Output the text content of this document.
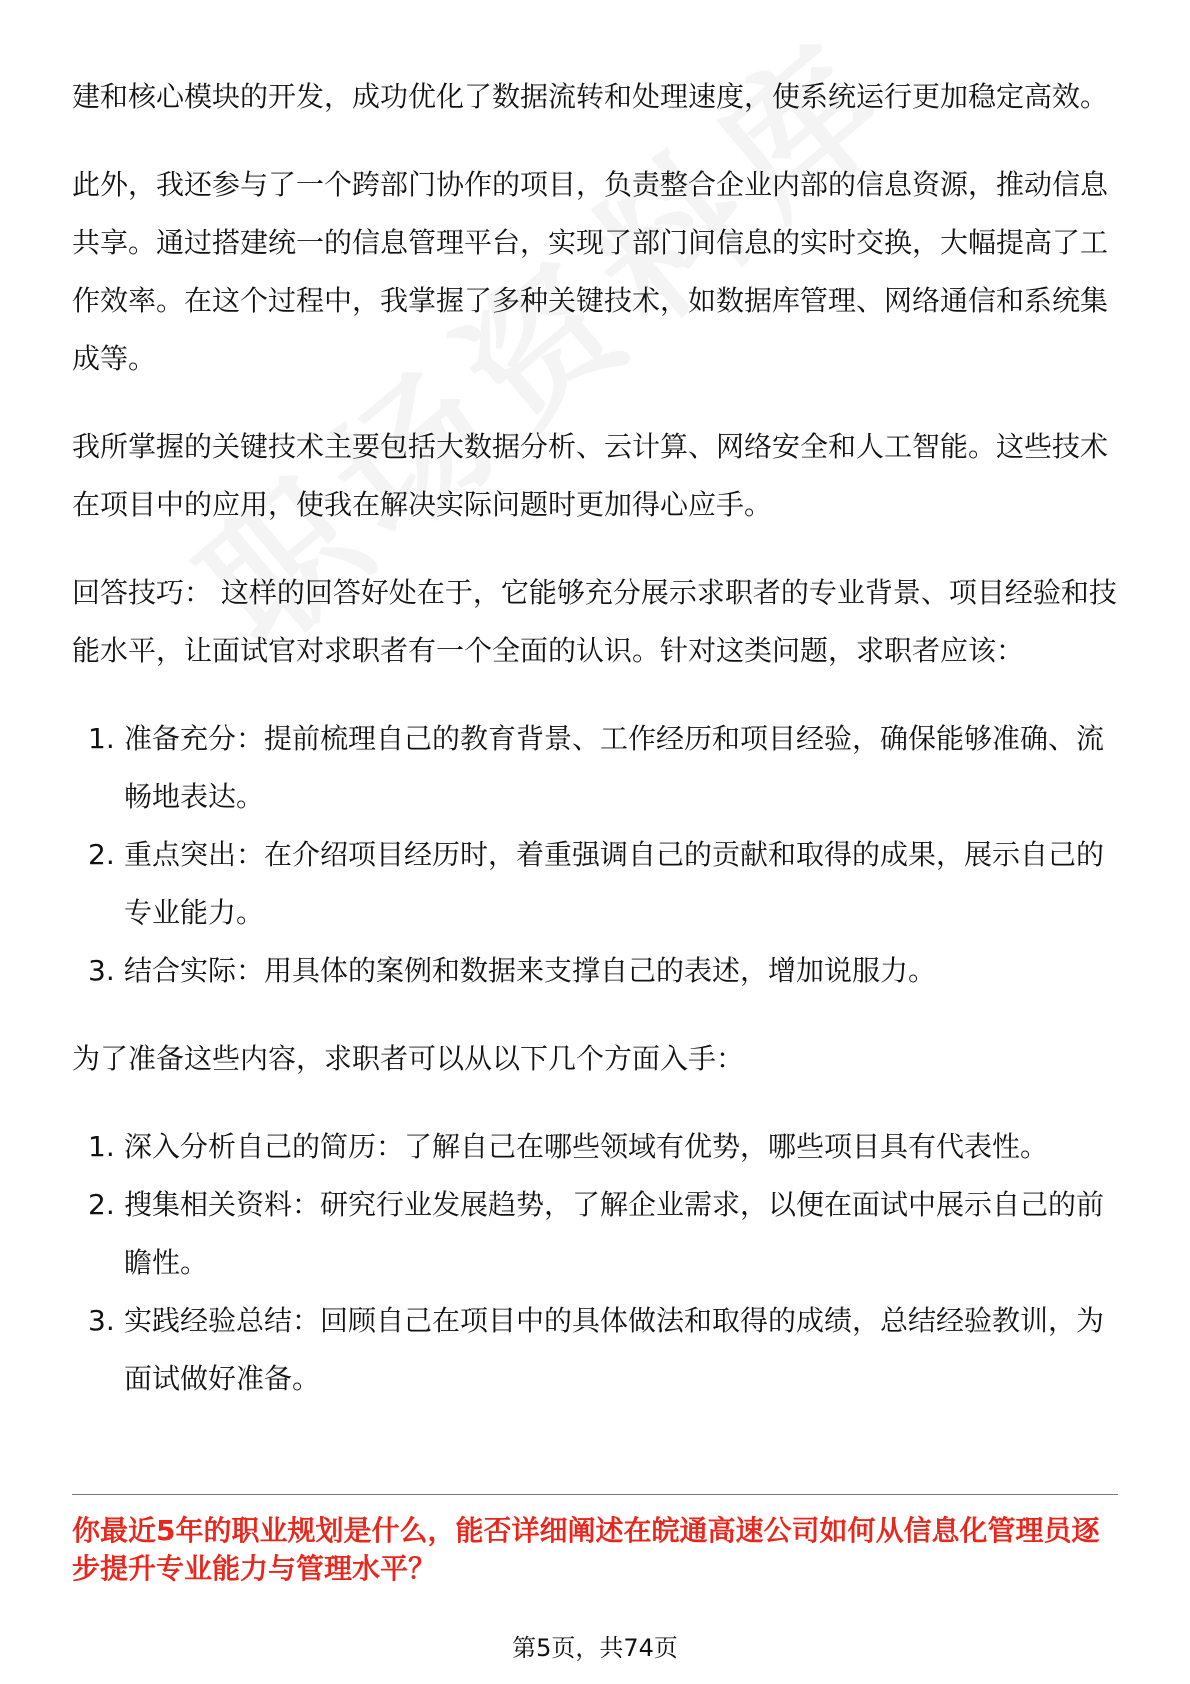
建和核心模块的开发，成功优化了数据流转和处理速度，使系统运行更加稳定高效。

此外，我还参与了一个跨部门协作的项目，负责整合企业内部的信息资源，推动信息共享。通过搭建统一的信息管理平台，实现了部门间信息的实时交换，大幅提高了工作效率。在这个过程中，我掌握了多种关键技术，如数据库管理、网络通信和系统集成等。

我所掌握的关键技术主要包括大数据分析、云计算、网络安全和人工智能。这些技术在项目中的应用，使我在解决实际问题时更加得心应手。

回答技巧： 这样的回答好处在于，它能够充分展示求职者的专业背景、项目经验和技能水平，让面试官对求职者有一个全面的认识。针对这类问题，求职者应该：

1. 准备充分：提前梳理自己的教育背景、工作经历和项目经验，确保能够准确、流畅地表达。
2. 重点突出：在介绍项目经历时，着重强调自己的贡献和取得的成果，展示自己的专业能力。
3. 结合实际：用具体的案例和数据来支撑自己的表述，增加说服力。

为了准备这些内容，求职者可以从以下几个方面入手：

1. 深入分析自己的简历：了解自己在哪些领域有优势，哪些项目具有代表性。
2. 搜集相关资料：研究行业发展趋势，了解企业需求，以便在面试中展示自己的前瞻性。
3. 实践经验总结：回顾自己在项目中的具体做法和取得的成绩，总结经验教训，为面试做好准备。
你最近5年的职业规划是什么，能否详细阐述在皖通高速公司如何从信息化管理员逐步提升专业能力与管理水平？
第5页，共74页
